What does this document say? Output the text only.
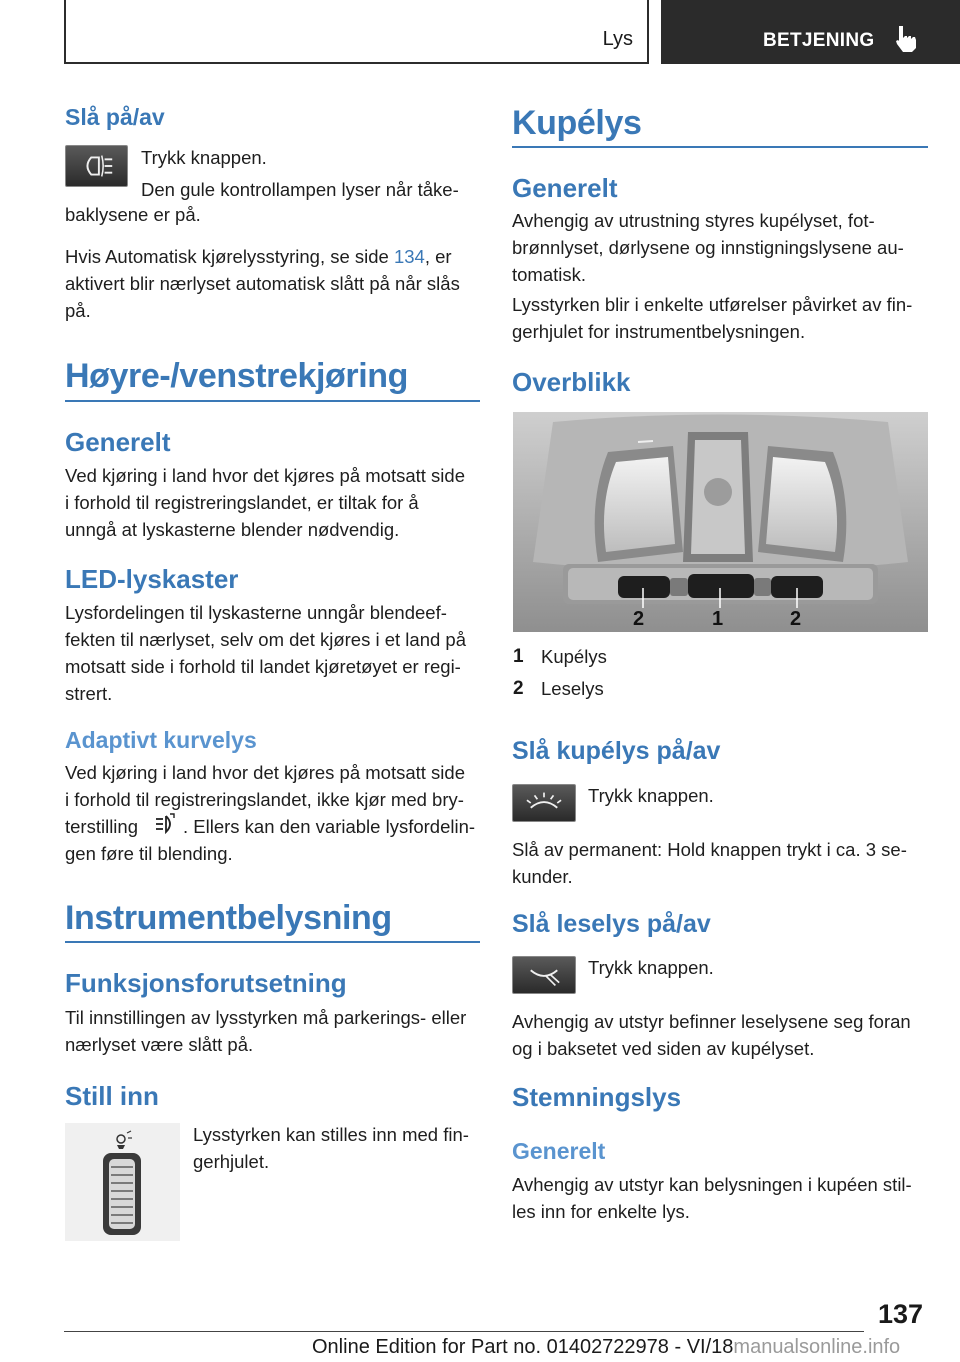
Lys	BETJENING
Slå på/av
Trykk knappen.
Den gule kontrollampen lyser når tåke-
baklysene er på.
Hvis Automatisk kjørelysstyring, se side 134, er
aktivert blir nærlyset automatisk slått på når slås
på.
Høyre-/venstrekjøring
Generelt
Ved kjøring i land hvor det kjøres på motsatt side
i forhold til registreringslandet, er tiltak for å
unngå at lyskasterne blender nødvendig.
LED-lyskaster
Lysfordelingen til lyskasterne unngår blendeef-
fekten til nærlyset, selv om det kjøres i et land på
motsatt side i forhold til landet kjøretøyet er regi-
strert.
Adaptivt kurvelys
Ved kjøring i land hvor det kjøres på motsatt side
i forhold til registreringslandet, ikke kjør med bry-
terstilling . Ellers kan den variable lysfordelin-
gen føre til blending.
Instrumentbelysning
Funksjonsforutsetning
Til innstillingen av lysstyrken må parkerings- eller
nærlyset være slått på.
Still inn
Lysstyrken kan stilles inn med fin-
gerhjulet.
Kupélys
Generelt
Avhengig av utrustning styres kupélyset, fot-
brønnlyset, dørlysene og innstigningslysene au-
tomatisk.
Lysstyrken blir i enkelte utførelser påvirket av fin-
gerhjulet for instrumentbelysningen.
Overblikk
2	1	2
1 Kupélys
2 Leselys
Slå kupélys på/av
Trykk knappen.
Slå av permanent: Hold knappen trykt i ca. 3 se-
kunder.
Slå leselys på/av
Trykk knappen.
Avhengig av utstyr befinner leselysene seg foran
og i baksetet ved siden av kupélyset.
Stemningslys
Generelt
Avhengig av utstyr kan belysningen i kupéen stil-
les inn for enkelte lys.
137
Online Edition for Part no. 01402722978 - VI/18manualsonline.info
